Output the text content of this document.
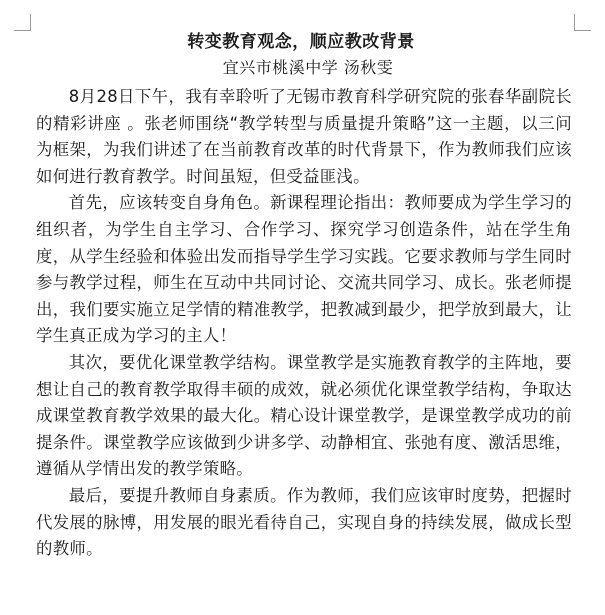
转变教育观念，顺应教改背景

宜兴市桃溪中学 汤秋雯

8月28日下午，我有幸聆听了无锡市教育科学研究院的张春华副院长的精彩讲座 。张老师围绕“教学转型与质量提升策略”这一主题，以三问为框架，为我们讲述了在当前教育改革的时代背景下，作为教师我们应该如何进行教育教学。时间虽短，但受益匪浅。

首先，应该转变自身角色。新课程理论指出：教师要成为学生学习的组织者，为学生自主学习、合作学习、探究学习创造条件，站在学生角度，从学生经验和体验出发而指导学生学习实践。它要求教师与学生同时参与教学过程，师生在互动中共同讨论、交流共同学习、成长。张老师提出，我们要实施立足学情的精准教学，把教减到最少，把学放到最大，让学生真正成为学习的主人！

其次，要优化课堂教学结构。课堂教学是实施教育教学的主阵地，要想让自己的教育教学取得丰硕的成效，就必须优化课堂教学结构，争取达成课堂教育教学效果的最大化。精心设计课堂教学，是课堂教学成功的前提条件。课堂教学应该做到少讲多学、动静相宜、张弛有度、激活思维，遵循从学情出发的教学策略。

最后，要提升教师自身素质。作为教师，我们应该审时度势，把握时代发展的脉博，用发展的眼光看待自己，实现自身的持续发展，做成长型的教师。
